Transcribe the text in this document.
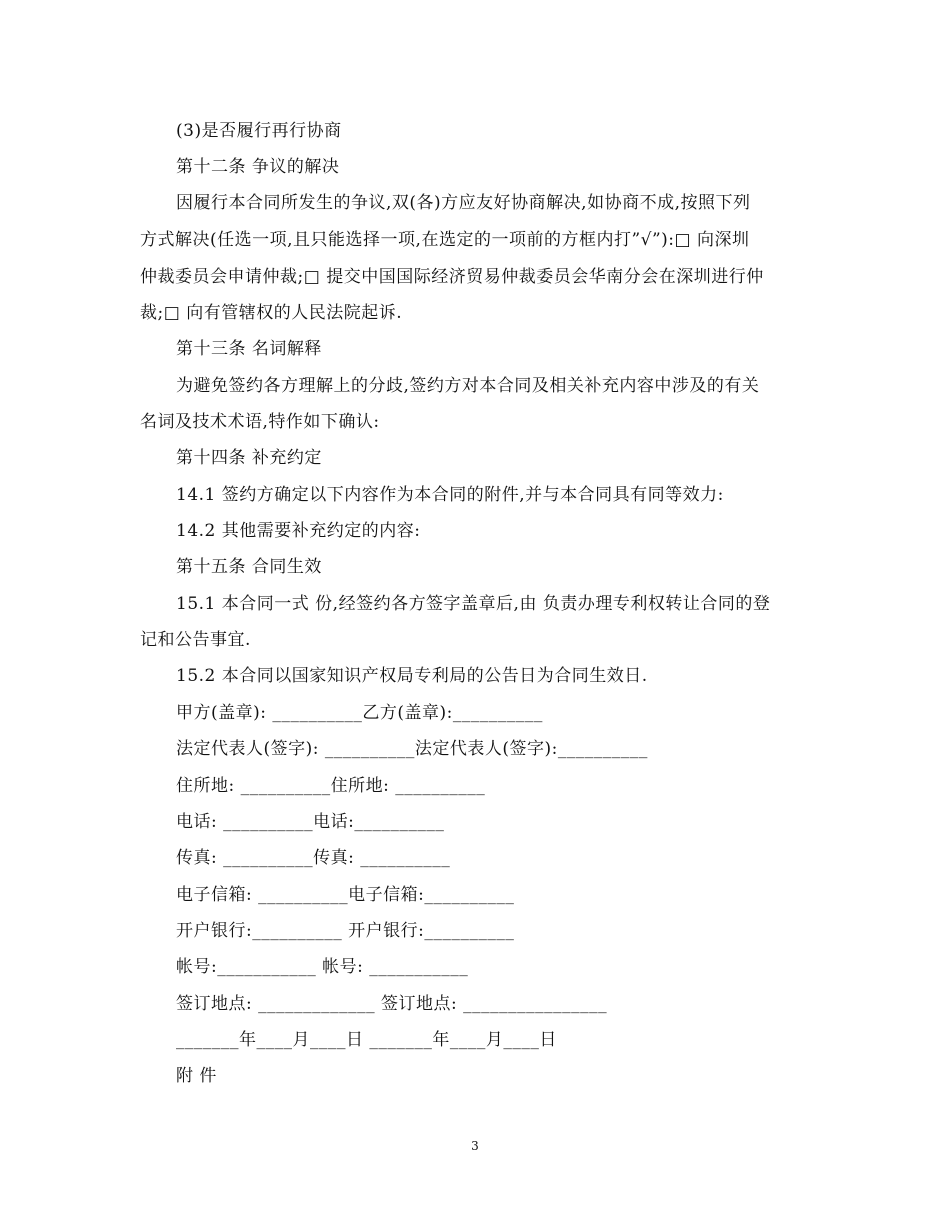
(3)是否履行再行协商
第十二条 争议的解决
因履行本合同所发生的争议,双(各)方应友好协商解决,如协商不成,按照下列
方式解决(任选一项,且只能选择一项,在选定的一项前的方框内打”√”):□ 向深圳
仲裁委员会申请仲裁;□ 提交中国国际经济贸易仲裁委员会华南分会在深圳进行仲
裁;□ 向有管辖权的人民法院起诉.
第十三条 名词解释
为避免签约各方理解上的分歧,签约方对本合同及相关补充内容中涉及的有关
名词及技术术语,特作如下确认:
第十四条 补充约定
14.1 签约方确定以下内容作为本合同的附件,并与本合同具有同等效力:
14.2 其他需要补充约定的内容:
第十五条 合同生效
15.1 本合同一式 份,经签约各方签字盖章后,由 负责办理专利权转让合同的登
记和公告事宜.
15.2 本合同以国家知识产权局专利局的公告日为合同生效日.
甲方(盖章): __________乙方(盖章):__________
法定代表人(签字): __________法定代表人(签字):__________
住所地: __________住所地: __________
电话: __________电话:__________
传真: __________传真: __________
电子信箱: __________电子信箱:__________
开户银行:__________ 开户银行:__________
帐号:___________ 帐号: ___________
签订地点: _____________ 签订地点: ________________
_______年____月____日 _______年____月____日
附 件
3
